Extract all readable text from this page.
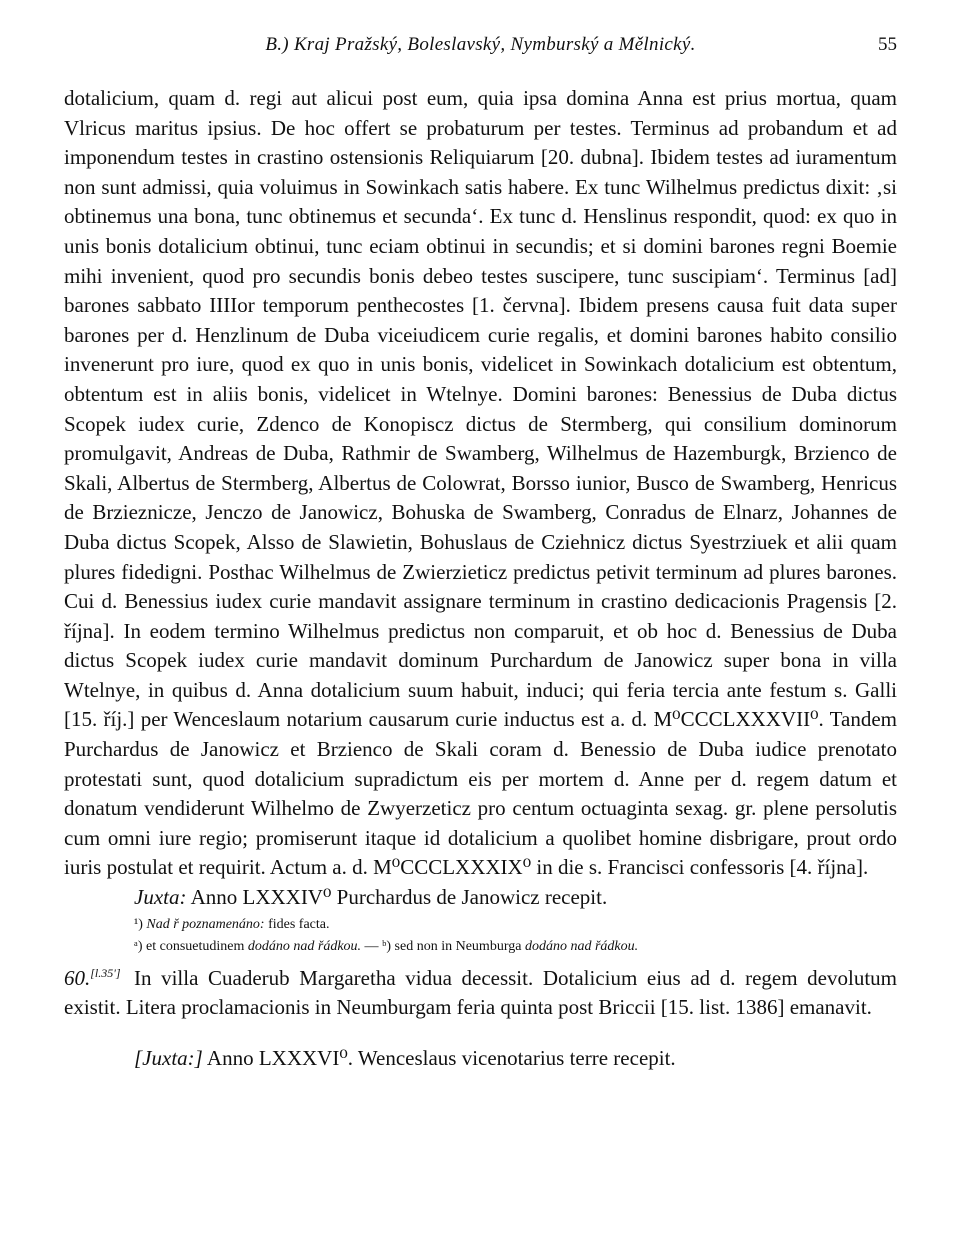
B.) Kraj Pražský, Boleslavský, Nymburský a Mělnický.	55

dotalicium, quam d. regi aut alicui post eum, quia ipsa domina Anna est prius mortua, quam Vlricus maritus ipsius. De hoc offert se probaturum per testes. Terminus ad probandum et ad imponendum testes in crastino ostensionis Reliquiarum [20. dubna]. Ibidem testes ad iuramentum non sunt admissi, quia voluimus in Sowinkach satis habere. Ex tunc Wilhelmus predictus dixit: ‚si obtinemus una bona, tunc obtinemus et secunda‘. Ex tunc d. Henslinus respondit, quod: ex quo in unis bonis dotalicium obtinui, tunc eciam obtinui in secundis; et si domini barones regni Boemie mihi invenient, quod pro secundis bonis debeo testes suscipere, tunc suscipiam‘. Terminus [ad] barones sabbato IIIIor temporum penthecostes [1. června]. Ibidem presens causa fuit data super barones per d. Henzlinum de Duba viceiudicem curie regalis, et domini barones habito consilio invenerunt pro iure, quod ex quo in unis bonis, videlicet in Sowinkach dotalicium est obtentum, obtentum est in aliis bonis, videlicet in Wtelnye. Domini barones: Benessius de Duba dictus Scopek iudex curie, Zdenco de Konopiscz dictus de Stermberg, qui consilium dominorum promulgavit, Andreas de Duba, Rathmir de Swamberg, Wilhelmus de Hazemburgk, Brzienco de Skali, Albertus de Stermberg, Albertus de Colowrat, Borsso iunior, Busco de Swamberg, Henricus de Brzieznicze, Jenczo de Janowicz, Bohuska de Swamberg, Conradus de Elnarz, Johannes de Duba dictus Scopek, Alsso de Slawietin, Bohuslaus de Cziehnicz dictus Syestrziuek et alii quam plures fidedigni. Posthac Wilhelmus de Zwierzieticz predictus petivit terminum ad plures barones. Cui d. Benessius iudex curie mandavit assignare terminum in crastino dedicacionis Pragensis [2. října]. In eodem termino Wilhelmus predictus non comparuit, et ob hoc d. Benessius de Duba dictus Scopek iudex curie mandavit dominum Purchardum de Janowicz super bona in villa Wtelnye, in quibus d. Anna dotalicium suum habuit, induci; qui feria tercia ante festum s. Galli [15. říj.] per Wenceslaum notarium causarum curie inductus est a. d. M⁰CCCLXXXVII⁰. Tandem Purchardus de Janowicz et Brzienco de Skali coram d. Benessio de Duba iudice prenotato protestati sunt, quod dotalicium supradictum eis per mortem d. Anne per d. regem datum et donatum vendiderunt Wilhelmo de Zwyerzeticz pro centum octuaginta sexag. gr. plene persolutis cum omni iure regio; promiserunt itaque id dotalicium a quolibet homine disbrigare, prout ordo iuris postulat et requirit. Actum a. d. M⁰CCCLXXXIX⁰ in die s. Francisci confessoris [4. října].

Juxta: Anno LXXXIV⁰ Purchardus de Janowicz recepit.

¹) Nad ř poznamenáno: fides facta.

ᵃ) et consuetudinem dodáno nad řádkou. — ᵇ) sed non in Neumburga dodáno nad řádkou.

60.[l.35'] In villa Cuaderub Margaretha vidua decessit. Dotalicium eius ad d. regem devolutum existit. Litera proclamacionis in Neumburgam feria quinta post Briccii [15. list. 1386] emanavit.

[Juxta:] Anno LXXXVI⁰. Wenceslaus vicenotarius terre recepit.
